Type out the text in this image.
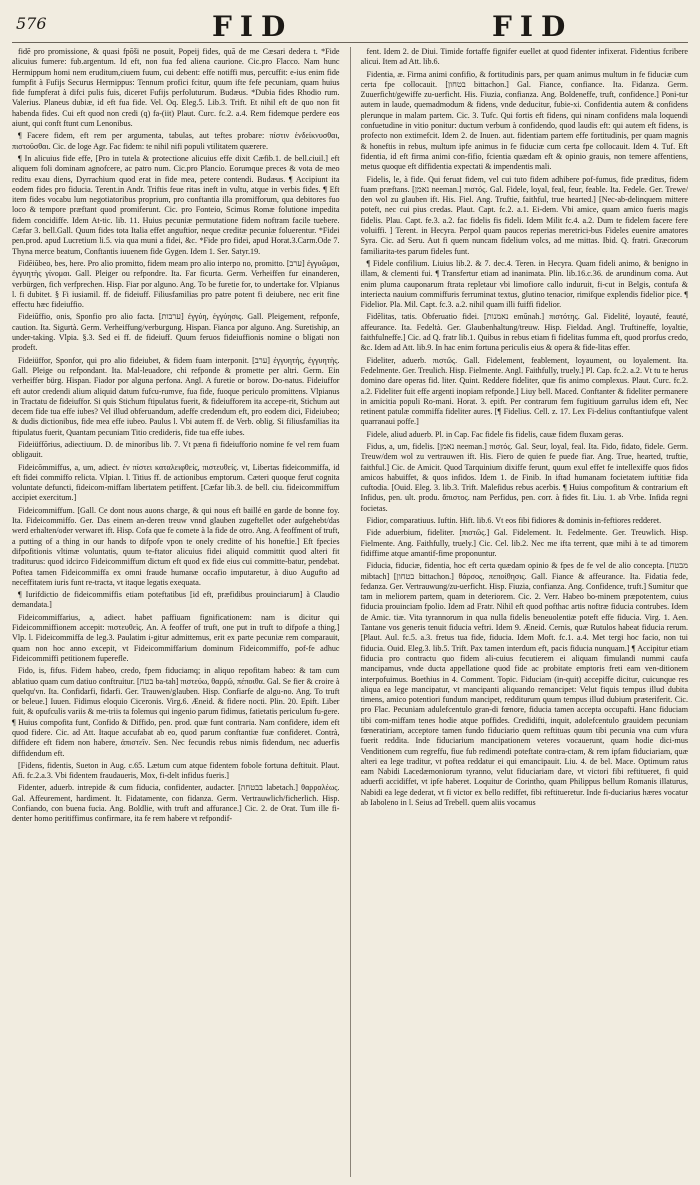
576	FID	FID

fidē pro promissione, & quasi fpōši ne posuit, Popeij fides, quā de me Cæsari dedera t. *Fide alicuius fumere: fub.argentum. Id eft, non fua fed aliena caurione. Cic.pro Flacco. Nam hunc Hermippum homi nem eruditum,ciuem fuum, cui debent: effe notiffi mus, percuffit: e-ius enim fide fumpfit à Fufijs Securus Hermippus: Tennum profici fcitur, quum ifte fefe pecuniam, quam huius fide fumpferat à difci pulis fuis, diceret Fufijs perfoluturum. Budæus. *Dubia fides Rhodio rum. Valerius. Planeus dubiæ, id eft fua fide. Vel. Oq. Eleg.5. Lib.3. Trift. Et nihil eft de quo non fit habenda fides. Cui eft quod non credi (q) fa-(iit) Plaut. Curc. fc.2. a.4. Rem fidemque perdere eos aiunt, qui conft ftunt cum Lenonibus.

¶ Facere fidem, eft rem per argumenta, tabulas, aut teftes probare: πίστιν ἐνδείκνυσθαι, πιστοῦσθαι. Cic. de loge Agr. Fac fidem: te nihil nifi populi vtilitatem quærere.

¶ In alicuius fide effe, [Pro in tutela & protectione alicuius effe dixit Cæfib.1. de bell.ciuil.] eft aliquem foli dominam agnofcere, ac patro num. Cic.pro Plancio. Eorumque preces & vota de meo reditu exau diens, Dyrrachium quod erat in fide mea, petere contendi. Budæus. ¶ Accipiunt ita eodem fides pro fiducia. Terent.in Andr. Triftis feue ritas ineft in vultu, atque in verbis fides. ¶ Eft item fides vocabu lum negotiatoribus proprium, pro conftantia illa promifforum, qua debitores fuo loco & tempore præftant quod promiferunt. Cic. pro Fonteio, Scimus Romæ folutione impedita fidem concidiffe. Idem At-tic. lib. 11. Huius pecuniæ permutatione fidem noftram facile tuebere. Cæfar 3. bell.Gall. Quum fides tota Italia effet anguftior, neque creditæ pecuniæ foluerentur. *Fidei pen.prod. apud Lucretium li.5. via qua muni a fidei, &c. *Fide pro fidei, apud Horat.3.Carm.Ode 7. Thyna merce beatum, Conftantis iuuenem fide Gygen. Idem 1. Ser. Satyr.19.

Fidēiūbeo, bes, here. Pro alio promitto, fidem meam pro alio interpo no, promitto. [ערב] ἐγγυῶμαι, ἐγγυητὴς γίνομαι. Gall. Pleiger ou refpondre. Ita. Far ficurta. Germ. Verheiffen fur einanderen, verbürgen, fich verfprechen. Hisp. Fiar por alguno. Ang. To be furetie for, to undertake for. Vlpianus l. fi dubitet. § Fi iusiamil. ff. de fideiuff. Filiusfamilias pro patre potent fi deiubere, nec erit fine effectu hæc fideiuffio.

Fideiūffio, onis, Sponfio pro alio facta. [ערבות] ἐγγύη, ἐγγύησις. Gall. Pleigement, refponfe, caution. Ita. Sigurtà. Germ. Verheiffung/verburgung. Hispan. Fianca por alguno. Ang. Suretiship, an under-taking. Vlpia. §.3. Sed ei ff. de fideiuff. Quum feruos fideiuffionis nomine o bligati non prodeft.

Fideiüffor, Sponfor, qui pro alio fideiubet, & fidem fuam interponit. [ערב] ἐγγυητής, ἐγγυητὴς. Gall. Pleige ou refpondant. Ita. Mal-leuadore, chi refponde & promette per altri. Germ. Ein verheiffer bürg. Hispan. Fiador por alguna perfona. Angl. A furetie or borow. Do-natus. Fideiuffor eft autor credendi alium aliquid datum fufcu-rumve, fua fide, fuoque periculo promittens. Vlpianus in Tractatu de fideiuffor. Si quis Stichum ftipulatus fuerit, & fideiufforem ita accepe-rit, Stichum aut decem fide tua effe iubes? Vel illud obferuandum, adeffe credendum eft, pro eodem dici, Fideiubeo; & dudis dictionibus, fide mea effe iubeo. Paulus l. Vbi autem ff. de Verb. oblig. Si filiusfamilias ita ftipulatus fuerit, Quantam pecuniam Titio credideris, fide tua effe iubes.

Fideiüffōrius, adiectiuum. D. de minoribus lib. 7. Vt pæna fi fideiufforio nomine fe vel rem fuam obligauit.

Fideicōmmiffus, a, um, adiect. ἐν πίστει καταλειφθείς, πιστευθείς. vt, Libertas fideicommiffa, id eft fidei commiffo relicta. Vlpian. l. Titius ff. de actionibus emptorum. Cæteri quoque feruī cognita voluntate defuncti, fideicom-miffam libertatem petiffent. [Cæfar lib.3. de bell. ciu. fideicommiffum accipiet exercitum.]

Fideicommiffum. [Gall. Ce dont nous auons charge, & qui nous eft baillé en garde de bonne foy. Ita. Fideicommiffo. Ger. Das einem an-deren treuw vnnd glauben zugeftellet oder aufgehebt/das werd erhalten/oder verwaret ift. Hisp. Cofa que fe comete à la fide de otro. Ang. A feoffment of truft, a putting of a thing in our hands to difpofe vpon te onely creditte of his honeftie.] Eft fpecies difpofitionis vltimæ voluntatis, quum te-ftator alicuius fidei aliquid committit quod alteri fit traditurus: quod idcirco Fideicommiffum dictum eft quod ex fide eius cui committe-batur, pendebat. Poftea tamen Fideicommiffa ex omni fraude humanæ occafio imputaretur, à diuo Augufto ad neceffitatem iuris funt re-tracta, vt itaque legatis exequata.

¶ Iurifdictio de fideicommiffis etiam poteftatibus [id eft, præfidibus prouinciarum] à Claudio demandata.]

Fideicommiffarius, a, adiect. habet paffiuam fignificationem: nam is dicitur qui Fideicommiffionem accepit: πιστευθεὶς. An. A feoffer of truft, one put in truft to difpofe a thing.] Vlp. l. Fideicommiffa de leg.3. Paulatim i-gitur admittemus, erit ex parte pecuniæ rem comparauit, quam non hoc anno excepit, vt Fideicommiffarium dominum Fideicommiffo, pof-fe adhuc Fideicommiffi petitionem fuperefle.

Fido, is, fifus. Fidem habeo, credo, fpem fiduciamq; in aliquo repofitam habeo: & tam cum ablatiuo quam cum datiuo conftruitur. [בטח ba-tah] πιστεύω, θαρρῶ, πέποιθα. Gal. Se fier & croire à quelqu'vn. Ita. Confidarfi, fidarfi. Ger. Trauwen/glauben. Hisp. Confiarfe de algu-no. Ang. To truft or beleue.] Iuuen. Fidimus eloquio Ciceronis. Virg.6. Æneid. & fidere nocti. Plin. 20. Epift. Liber fuit, & opufculis variis & me-triis ta folemus qui ingenio parum fidimus, fatietatis periculum fu-gere. ¶ Huius compofita funt, Confido & Diffido, pen. prod. quæ funt contraria. Nam confidere, idem eft quod fidere. Cic. ad Att. Itaque accufabat ab eo, quod parum conftantiæ fuæ confideret. Contrà, diffidere eft fidem non habere, ἀπιστεῖν. Sen. Nec fecundis rebus nimis fidendum, nec aduerfis diffidendum eft.

[Fidens, fidentis, Sueton in Aug. c.65. Lætum cum atque fidentem fobole fortuna deftituit. Plaut. Afi. fc.2.a.3. Vbi fidentem fraudaueris, Mox, fi-delt infidus fueris.]

Fidenter, aduerb. intrepide & cum fiducia, confidenter, audacter. [בבטחה labetach.] θαρραλέως. Gal. Affeurement, hardiment. It. Fidatamente, con fidanza. Germ. Vertrauwlich/ficherlich. Hisp. Confiando, con buena fucia. Ang. Boldlie, with truft and affurance.] Cic. 2. de Orat. Tum ille fi-denter homo peritiffimus confirmare, ita fe rem habere vt refpondif-

fent. Idem 2. de Diui. Timide fortaffe fignifer euellet at quod fidenter infixerat. Fidentius fcribere alicui. Item ad Att. lib.6.

Fidentia, æ. Firma animi confifio, & fortitudinis pars, per quam animus multum in fe fiduciæ cum certa fpe collocauit. [בטחון bittachon.] Gal. Fiance, confiance. Ita. Fidanza. Germ. Zuuerficht/gewiffe zu-uerficht. His. Fiuzia, confianza. Ang. Boldeneffe, truft, confidence.] Poni-tur autem in laude, quemadmodum & fidens, vnde deducitur, fubie-xi. Confidentia autem & confidens plerunque in malam partem. Cic. 3. Tufc. Qui fortis eft fidens, qui ninam confidens mala loquendi confuetudine in vitio ponitur: ductum verbum à confidendo, quod laudis eft: qui autem eft fidens, is profecto non extimefcit. Idem 2. de Inuen. aut. fidentiam partem effe fortitudinis, per quam magnis & honeftis in rebus, multum ipfe animus in fe fiduciæ cum certa fpe collocauit. Idem 4. Tuf. Eft fidentia, id eft firma animi con-fifio, fcientia quædam eft & opinio grauis, non temere affentiens, metus quoque eft diffidentia expectati & impendentis mali.

Fidelis, le, à fide. Qui feruat fidem, vel cui tuto fidem adhibere pof-fumus, fide præditus, fidem fuam præftans. [נאמן neeman.] πιστός. Gal. Fidele, loyal, feal, feur, feable. Ita. Fedele. Ger. Trewe/ den wol zu glauben ift. His. Fiel. Ang. Truftie, faithful, true hearted.] [Nec-ab-delinquem mittere poteft, nec cui pius credas. Plaut. Capt. fc.2. a.1. Ei-dem. Vbi amice, quam amico fueris magis fidelis. Plau. Capt. fe.3. a.2. fac fidelis fis fideli. Idem Milit fc.4. a.2. Dum te fidelem facere fere voluiffi. ] Terent. in Hecyra. Perpol quam paucos reperias meretrici-bus Fideles euenire amatores Syra. Cic. ad Seru. Aut fi quem nuncam fidelium volcs, ad me mittas. Ibid. Q. fratri. Græcorum familiarita-tes parum fideles funt.

¶ Fidele confilium. Liuius lib.2. & 7. dec.4. Teren. in Hecyra. Quam fideli animo, & benigno in illam, & clementi fui. ¶ Transfertur etiam ad inanimata. Plin. lib.16.c.36. de arundinum coma. Aut enim pluma cauponarum ftrata repletaur vbi limofiore callo induruit, fi-cut in Belgis, contufa & interiecta nauium commiffuris ferruminat textus, glutino tenacior, rimifque explendis fidelior pice. ¶ Fidelior. Pla. Mil. Capt. fc.3. a.2. nihil quam illi fuiffi fidelior.

Fidēlitas, tatis. Obferuatio fidei. [נאמנות emūnah.] πιστότης. Gal. Fidelité, loyauté, feauté, affeurance. Ita. Fedeltà. Ger. Glaubenhaltung/treuw. Hisp. Fieldad. Angl. Truftineffe, loyaltie, faithfulneffe.] Cic. ad Q. fratr lib.1. Quibus in rebus etiam fi fidelitas fumma eft, quod prorfus credo, &c. Idem ad Att. lib.9. In hac enim fortuna periculis eius & opera & fide-litas effer.

Fideliter, aduerb. πιστῶς. Gall. Fidelement, feablement, loyaument, ou loyalement. Ita. Fedelmente. Ger. Treulich. Hisp. Fielmente. Angl. Faithfully, truely.] Pl. Cap. fc.2. a.2. Vt tu te herus domino dare operas fid. liter. Quint. Reddere fideliter, quæ fis animo complexus. Plaut. Curc. fc.2. a.2. Fideliter fuit effe argenti inopiam refponde.] Liuy bell. Maced. Conftanter & fideliter permanere in amicitia populi Ro-mani. Horat. 3. epift. Per contrarum fem fugitiuum garrulus idem eft, Nec retinent patulæ commiffa fideliter aures. [¶ Fidelius. Cell. z. 17. Lex Fi-delius conftantiufque valent quarranaui poffe.]

Fidele, aliud aduerb. Pl. in Cap. Fac fidele fis fidelis, cauæ fidem fluxam geras.

Fidus, a, um, fidelis. [נאמן neeman.] πιστός. Gal. Seur, loyal, feal. Ita. Fido, fidato, fidele. Germ. Treuw/dem wol zu vertrauwen ift. His. Fiero de quien fe puede fiar. Ang. True, hearted, truftie, faithful.] Cic. de Amicit. Quod Tarquinium dixiffe ferunt, quum exul effet fe intellexiffe quos fidos amicos habuiffet, & quos infidos. Idem 1. de Finib. In iftad humanam focietatem iuftitiæ fida cuftodia. [Ouid. Eleg. 3. lib.3. Trift. Malefidus rebus acerbis. ¶ Huius compofitum & contrarium eft Infidus, pen. ult. produ. ἄπιστος. nam Perfidus, pen. corr. à fides fit. Liu. 1. ab Vrbe. Infida regni focietas.

Fidior, comparatiuus. Iuftin. Hift. lib.6. Vt eos fibi fidiores & dominis in-feftiores redderet.

Fide aduerbium, fideliter. [πιστῶς.] Gal. Fidelement. It. Fedelmente. Ger. Treuwlich. Hisp. Fielmente. Ang. Faithfully, truely.] Cic. Cel. lib.2. Nec me ifta terrent, quæ mihi à te ad timorem fidiffime atque amantif-fime proponuntur.

Fiducia, fiduciæ, fidentia, hoc eft certa quædam opinio & fpes de fe vel de alio concepta. [מבטח mibtach] [בטחון bittachon.] θάρσος, πεποίθησις. Gall. Fiance & affeurance. Ita. Fidatia fede, fedanza. Ger. Vertrauwung/zu-uerficht. Hisp. Fiuzia, confianza. Ang. Confidence, truft.] Sumitur que tam in meliorem partem, quam in deteriorem. Cic. 2. Verr. Habeo bo-minem præpotentem, cuius fiducia prouinciam fpolio. Idem ad Fratr. Nihil eft quod pofthac artis noftræ fiducia contrubes. Idem de Amic. tiæ. Vita tyrannorum in qua nulla fidelis beneuolentiæ poteft effe fiducia. Virg. 1. Aen. Tantane vos generis tenuit fiducia veftri. Idem 9. Æneid. Cernis, quæ Rutulos habeat fiducia rerum. [Plaut. Aul. fc.5. a.3. fretus tua fide, fiducia. Idem Moft. fc.1. a.4. Met tergi hoc facio, non tui fiducia. Ouid. Eleg.3. lib.5. Trift. Pax tamen interdum eft, pacis fiducia nunquam.] ¶ Accipitur etiam fiducia pro contractu quo fidem ali-cuius fecutierem ei aliquam fimulandi nummi caufa mancipamus, vnde ducta appellatione quod fide ac probitate emptoris freti eam ven-ditionem interpofuimus. Boethius in 4. Comment. Topic. Fiduciam (in-quit) accepiffe dicitur, cuicunque res aliqua ea lege mancipatur, vt mancipanti aliquando remancipet: Velut fiquis tempus illud dubita timens, amico potentiori fundum mancipet, redditurum quum tempus illud dubium præteriferit. Cic. pro Flac. Pecuniam adulefcentulo gran-di fœnore, fiducia tamen accepta occupafti. Hanc fiduciam tibi com-miffam tenes hodie atque poffides. Credidifti, inquit, adolefcentulo grauidem pecuniam fœneratiriam, acceptore tamen fundo fiduciario quem reftituas quum tibi pecunia vna cum vfura fuerit reddita. Inde fiduciarium mancipationem veteres vocauerunt, quam hodie dici-mus Venditionem cum regreffu, fiue fub redimendi poteftate contra-ctam, & rem ipfam fiduciariam, quæ alteri ea lege traditur, vt poftea reddatur ei qui emancipauit. Liu. 4. de bel. Mace. Optimum ratus eam Nabidi Lacedæmoniorum tyranno, velut fiduciariam dare, vt victori fibi reftitueret, fi quid aduerfi accidiffet, vt ipfe haberet. Loquitur de Corintho, quam Philippus bellum Romanis illaturus, Nabidi ea lege dederat, vt fi victor ex bello rediffet, fibi reftitueretur. Inde fi-duciarius hæres vocatur ab Iaboleno in l. Seius ad Trebell. quem aliis vocamus
